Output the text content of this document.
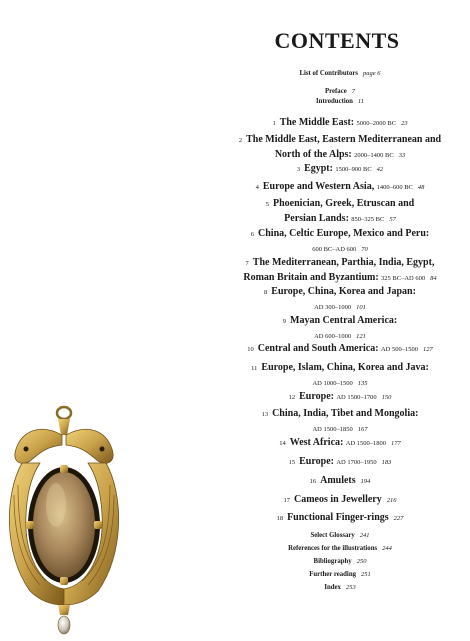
CONTENTS
List of Contributors page 6
Preface 7
Introduction 11
1 The Middle East: 5000–2000 BC 23
2 The Middle East, Eastern Mediterranean and
North of the Alps: 2000–1400 BC 33
3 Egypt: 1500–900 BC 42
4 Europe and Western Asia, 1400–600 BC 48
5 Phoenician, Greek, Etruscan and
Persian Lands: 850–325 BC 57
6 China, Celtic Europe, Mexico and Peru:
600 BC–AD 600 70
7 The Mediterranean, Parthia, India, Egypt,
Roman Britain and Byzantium: 325 BC–AD 600 84
8 Europe, China, Korea and Japan:
AD 300–1000 101
9 Mayan Central America:
AD 600–1000 121
10 Central and South America: AD 500–1500 127
11 Europe, Islam, China, Korea and Java:
AD 1000–1500 135
12 Europe: AD 1500–1700 150
13 China, India, Tibet and Mongolia:
AD 1500–1850 167
14 West Africa: AD 1500–1800 177
15 Europe: AD 1700–1950 183
16 Amulets 194
17 Cameos in Jewellery 216
18 Functional Finger-rings 227
Select Glossary 241
References for the illustrations 244
Bibliography 250
Further reading 251
Index 253
